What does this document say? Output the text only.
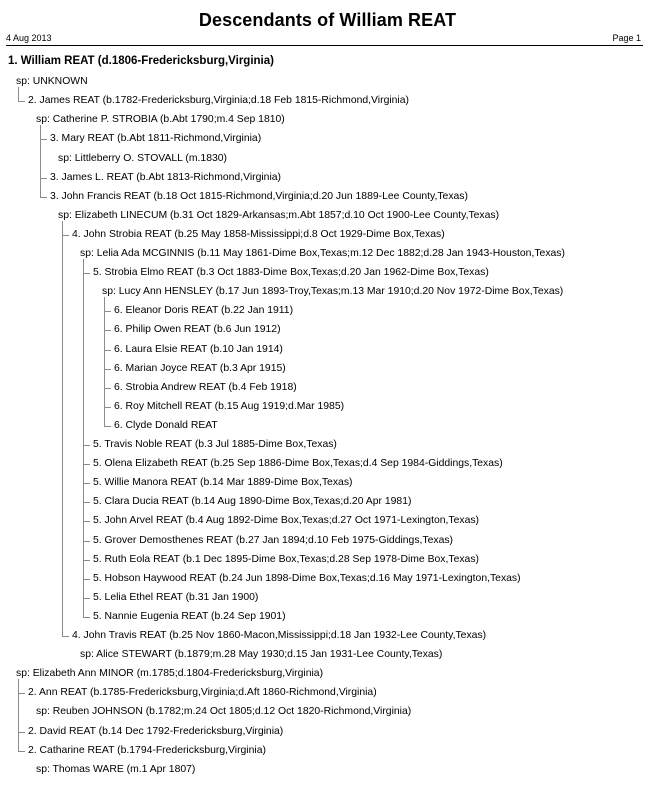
Descendants of William REAT
4 Aug 2013	Page 1
1. William REAT (d.1806-Fredericksburg,Virginia)
sp: UNKNOWN
2. James REAT (b.1782-Fredericksburg,Virginia;d.18 Feb 1815-Richmond,Virginia)
sp: Catherine P. STROBIA (b.Abt 1790;m.4 Sep 1810)
3. Mary REAT (b.Abt 1811-Richmond,Virginia)
sp: Littleberry O. STOVALL (m.1830)
3. James L. REAT (b.Abt 1813-Richmond,Virginia)
3. John Francis REAT (b.18 Oct 1815-Richmond,Virginia;d.20 Jun 1889-Lee County,Texas)
sp: Elizabeth LINECUM (b.31 Oct 1829-Arkansas;m.Abt 1857;d.10 Oct 1900-Lee County,Texas)
4. John Strobia REAT (b.25 May 1858-Mississippi;d.8 Oct 1929-Dime Box,Texas)
sp: Lelia Ada MCGINNIS (b.11 May 1861-Dime Box,Texas;m.12 Dec 1882;d.28 Jan 1943-Houston,Texas)
5. Strobia Elmo REAT (b.3 Oct 1883-Dime Box,Texas;d.20 Jan 1962-Dime Box,Texas)
sp: Lucy Ann HENSLEY (b.17 Jun 1893-Troy,Texas;m.13 Mar 1910;d.20 Nov 1972-Dime Box,Texas)
6. Eleanor Doris REAT (b.22 Jan 1911)
6. Philip Owen REAT (b.6 Jun 1912)
6. Laura Elsie REAT (b.10 Jan 1914)
6. Marian Joyce REAT (b.3 Apr 1915)
6. Strobia Andrew REAT (b.4 Feb 1918)
6. Roy Mitchell REAT (b.15 Aug 1919;d.Mar 1985)
6. Clyde Donald REAT
5. Travis Noble REAT (b.3 Jul 1885-Dime Box,Texas)
5. Olena Elizabeth REAT (b.25 Sep 1886-Dime Box,Texas;d.4 Sep 1984-Giddings,Texas)
5. Willie Manora REAT (b.14 Mar 1889-Dime Box,Texas)
5. Clara Ducia REAT (b.14 Aug 1890-Dime Box,Texas;d.20 Apr 1981)
5. John Arvel REAT (b.4 Aug 1892-Dime Box,Texas;d.27 Oct 1971-Lexington,Texas)
5. Grover Demosthenes REAT (b.27 Jan 1894;d.10 Feb 1975-Giddings,Texas)
5. Ruth Eola REAT (b.1 Dec 1895-Dime Box,Texas;d.28 Sep 1978-Dime Box,Texas)
5. Hobson Haywood REAT (b.24 Jun 1898-Dime Box,Texas;d.16 May 1971-Lexington,Texas)
5. Lelia Ethel REAT (b.31 Jan 1900)
5. Nannie Eugenia REAT (b.24 Sep 1901)
4. John Travis REAT (b.25 Nov 1860-Macon,Mississippi;d.18 Jan 1932-Lee County,Texas)
sp: Alice STEWART (b.1879;m.28 May 1930;d.15 Jan 1931-Lee County,Texas)
sp: Elizabeth Ann MINOR (m.1785;d.1804-Fredericksburg,Virginia)
2. Ann REAT (b.1785-Fredericksburg,Virginia;d.Aft 1860-Richmond,Virginia)
sp: Reuben JOHNSON (b.1782;m.24 Oct 1805;d.12 Oct 1820-Richmond,Virginia)
2. David REAT (b.14 Dec 1792-Fredericksburg,Virginia)
2. Catharine REAT (b.1794-Fredericksburg,Virginia)
sp: Thomas WARE (m.1 Apr 1807)
